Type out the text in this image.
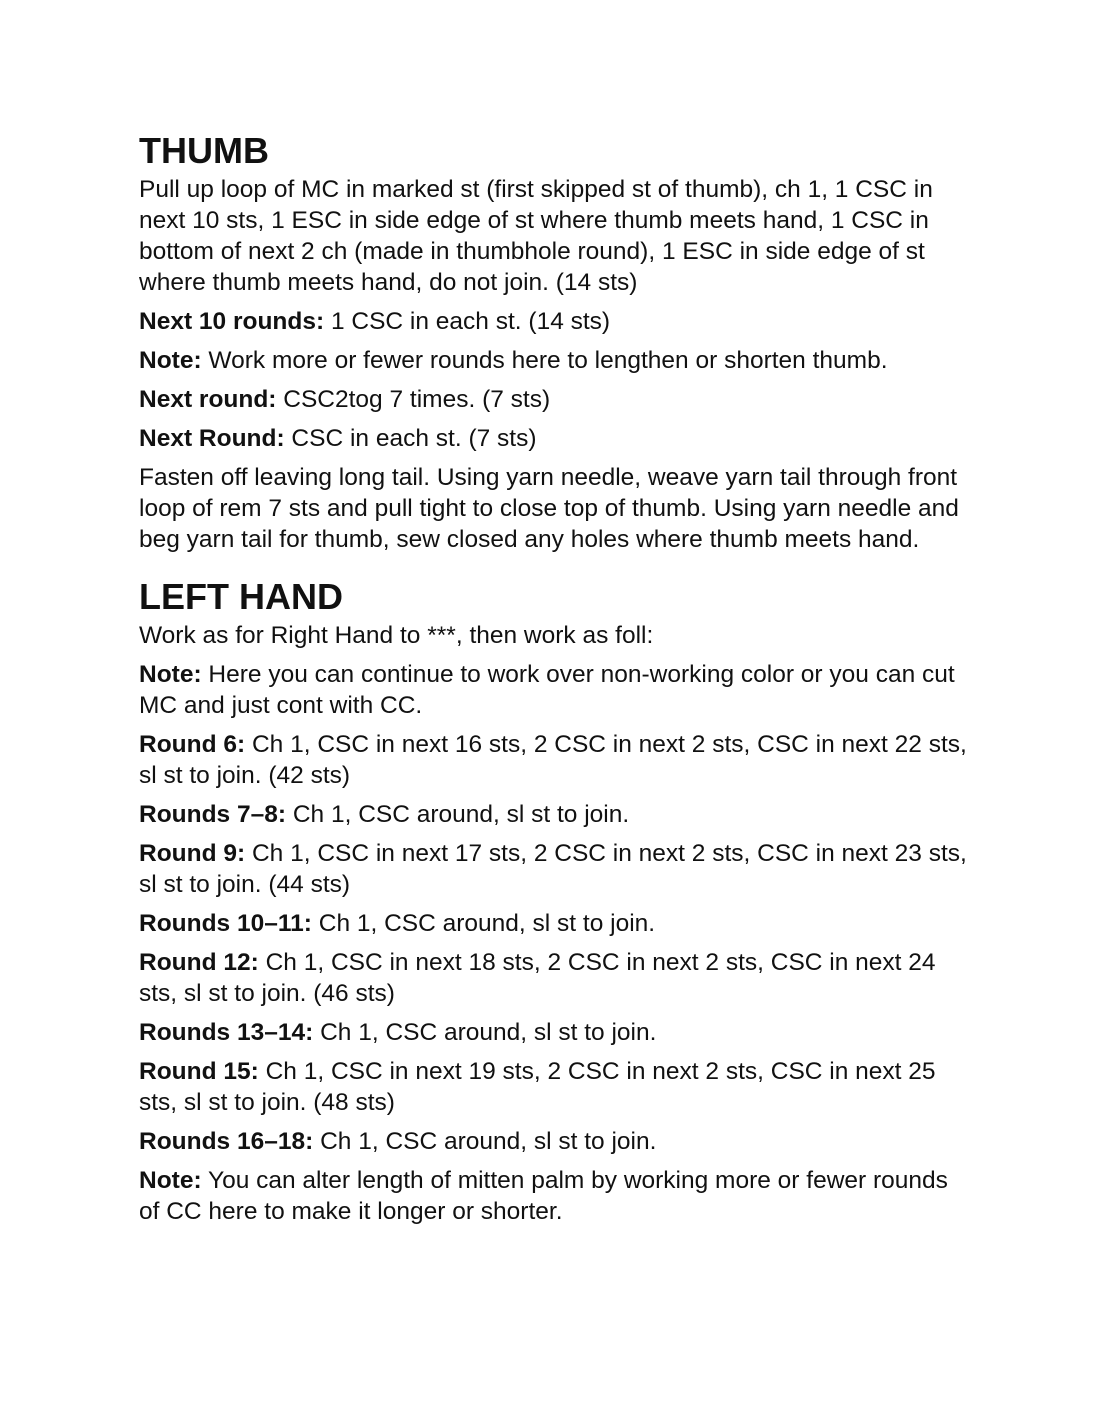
THUMB

Pull up loop of MC in marked st (first skipped st of thumb), ch 1, 1 CSC in next 10 sts, 1 ESC in side edge of st where thumb meets hand, 1 CSC in bottom of next 2 ch (made in thumbhole round), 1 ESC in side edge of st where thumb meets hand, do not join. (14 sts)

Next 10 rounds: 1 CSC in each st. (14 sts)

Note: Work more or fewer rounds here to lengthen or shorten thumb.

Next round: CSC2tog 7 times. (7 sts)

Next Round: CSC in each st. (7 sts)

Fasten off leaving long tail. Using yarn needle, weave yarn tail through front loop of rem 7 sts and pull tight to close top of thumb. Using yarn needle and beg yarn tail for thumb, sew closed any holes where thumb meets hand.

LEFT HAND

Work as for Right Hand to ***, then work as foll:

Note: Here you can continue to work over non-working color or you can cut MC and just cont with CC.

Round 6: Ch 1, CSC in next 16 sts, 2 CSC in next 2 sts, CSC in next 22 sts, sl st to join. (42 sts)

Rounds 7–8: Ch 1, CSC around, sl st to join.

Round 9: Ch 1, CSC in next 17 sts, 2 CSC in next 2 sts, CSC in next 23 sts, sl st to join. (44 sts)

Rounds 10–11: Ch 1, CSC around, sl st to join.

Round 12: Ch 1, CSC in next 18 sts, 2 CSC in next 2 sts, CSC in next 24 sts, sl st to join. (46 sts)

Rounds 13–14: Ch 1, CSC around, sl st to join.

Round 15: Ch 1, CSC in next 19 sts, 2 CSC in next 2 sts, CSC in next 25 sts, sl st to join. (48 sts)

Rounds 16–18: Ch 1, CSC around, sl st to join.

Note: You can alter length of mitten palm by working more or fewer rounds of CC here to make it longer or shorter.
